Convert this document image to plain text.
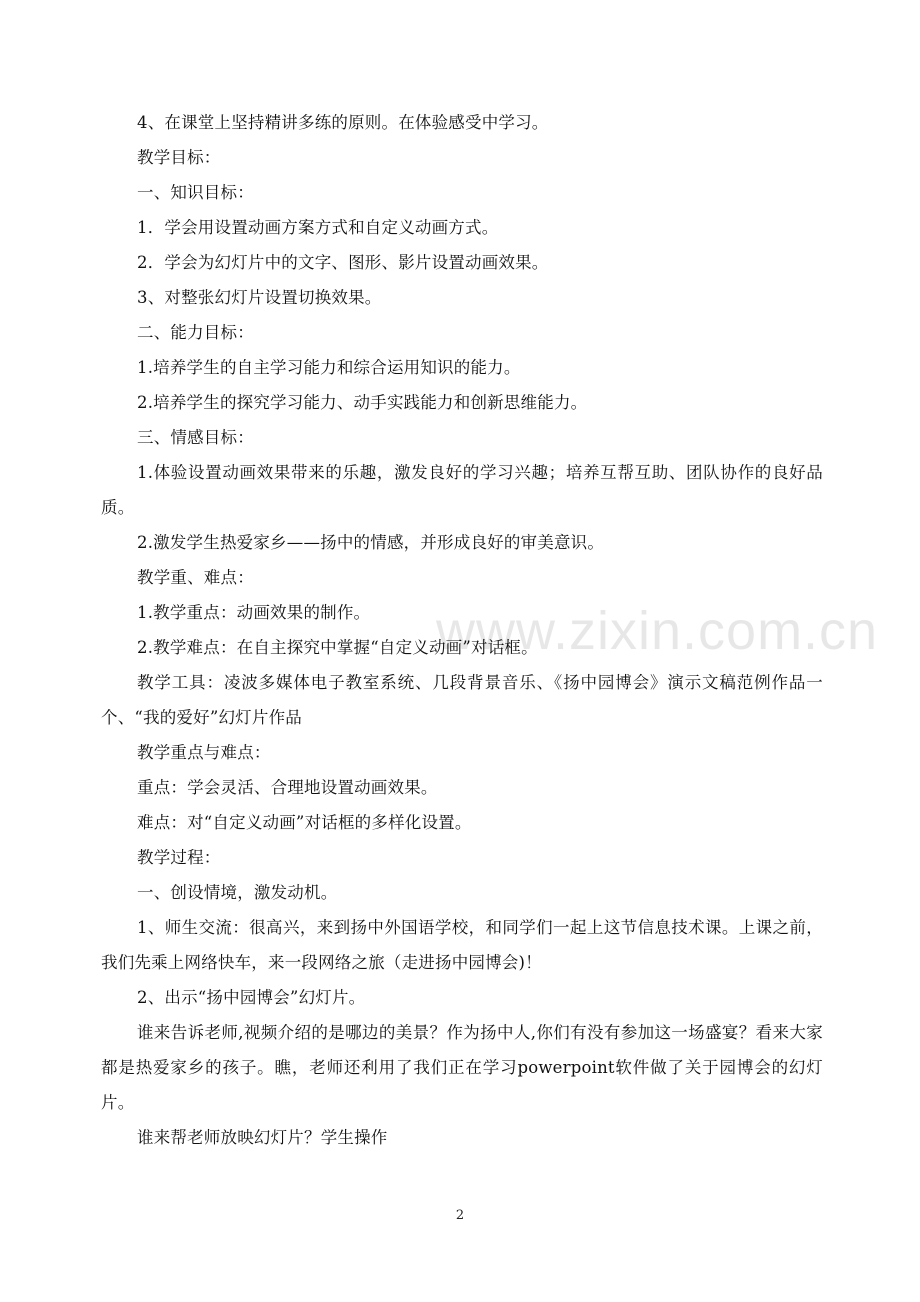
4、在课堂上坚持精讲多练的原则。在体验感受中学习。

教学目标：

一、知识目标：

1．学会用设置动画方案方式和自定义动画方式。

2．学会为幻灯片中的文字、图形、影片设置动画效果。

3、对整张幻灯片设置切换效果。

二、能力目标：

1.培养学生的自主学习能力和综合运用知识的能力。

2.培养学生的探究学习能力、动手实践能力和创新思维能力。

三、情感目标：

1.体验设置动画效果带来的乐趣，激发良好的学习兴趣；培养互帮互助、团队协作的良好品质。

2.激发学生热爱家乡——扬中的情感，并形成良好的审美意识。

教学重、难点：

1.教学重点：动画效果的制作。

2.教学难点：在自主探究中掌握“自定义动画”对话框。

教学工具：凌波多媒体电子教室系统、几段背景音乐、《扬中园博会》演示文稿范例作品一个、“我的爱好”幻灯片作品

教学重点与难点：

重点：学会灵活、合理地设置动画效果。

难点：对“自定义动画”对话框的多样化设置。

教学过程：

一、创设情境，激发动机。

1、师生交流：很高兴，来到扬中外国语学校，和同学们一起上这节信息技术课。上课之前，我们先乘上网络快车，来一段网络之旅（走进扬中园博会)！

2、出示“扬中园博会”幻灯片。

谁来告诉老师,视频介绍的是哪边的美景？作为扬中人,你们有没有参加这一场盛宴？看来大家都是热爱家乡的孩子。瞧，老师还利用了我们正在学习powerpoint软件做了关于园博会的幻灯片。

谁来帮老师放映幻灯片？学生操作

www.zixin.com.cn
2
